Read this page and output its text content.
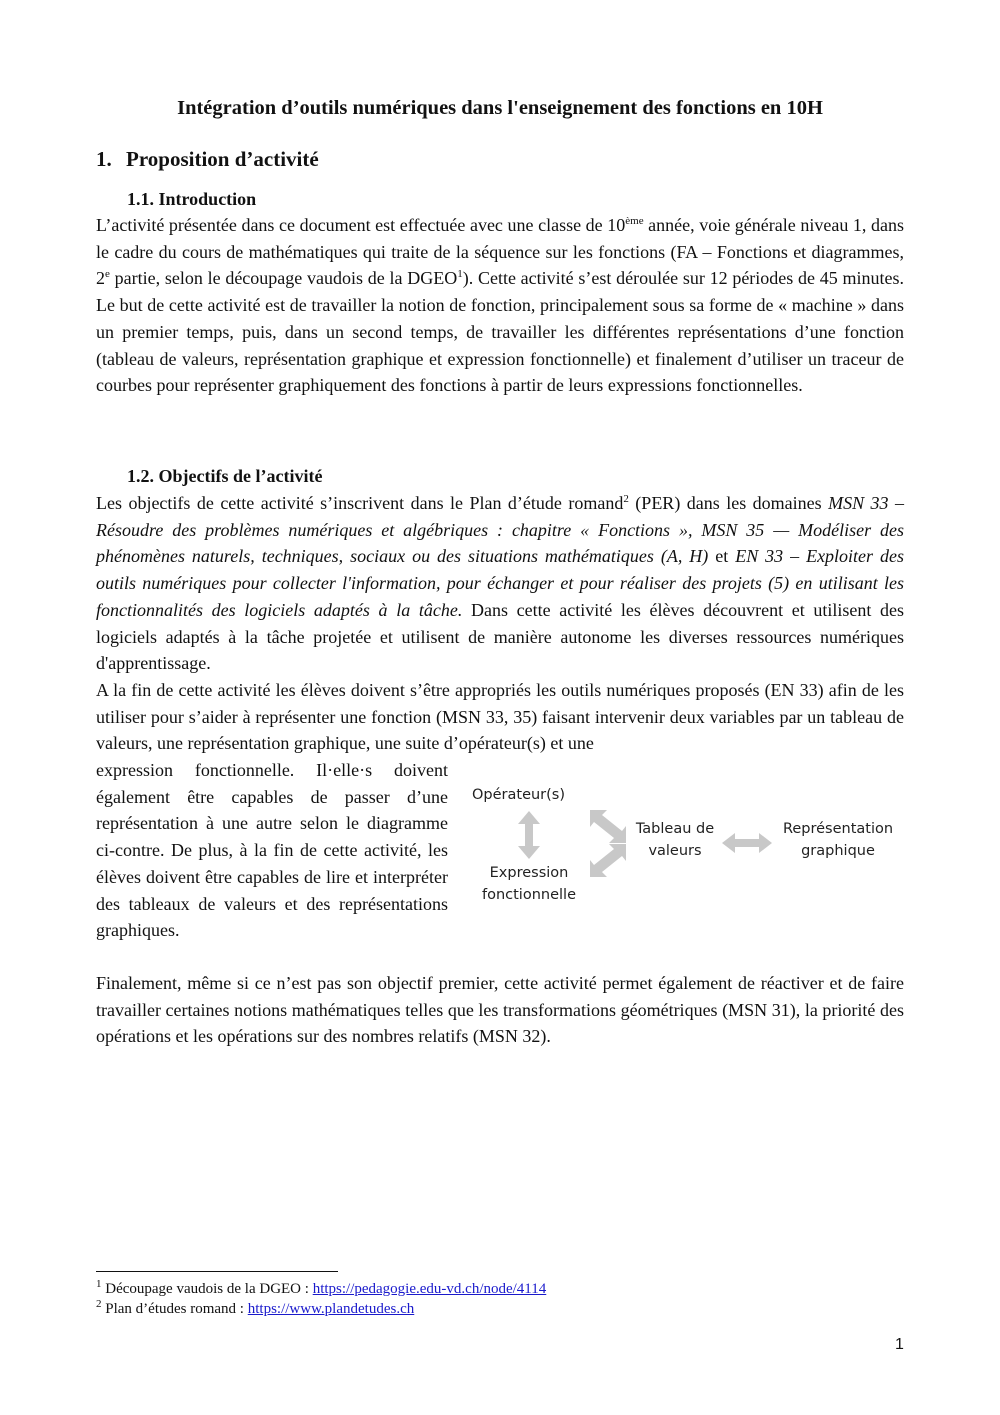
Intégration d’outils numériques dans l'enseignement des fonctions en 10H
1. Proposition d’activité
1.1. Introduction

L’activité présentée dans ce document est effectuée avec une classe de 10ème année, voie générale niveau 1, dans le cadre du cours de mathématiques qui traite de la séquence sur les fonctions (FA – Fonctions et diagrammes, 2e partie, selon le découpage vaudois de la DGEO$^1$). Cette activité s’est déroulée sur 12 périodes de 45 minutes. Le but de cette activité est de travailler la notion de fonction, principalement sous sa forme de « machine » dans un premier temps, puis, dans un second temps, de travailler les différentes représentations d’une fonction (tableau de valeurs, représentation graphique et expression fonctionnelle) et finalement d’utiliser un traceur de courbes pour représenter graphiquement des fonctions à partir de leurs expressions fonctionnelles.

1.2. Objectifs de l’activité

Les objectifs de cette activité s’inscrivent dans le Plan d’étude romand$^2$ (PER) dans les domaines MSN 33 – Résoudre des problèmes numériques et algébriques : chapitre « Fonctions », MSN 35 — Modéliser des phénomènes naturels, techniques, sociaux ou des situations mathématiques (A, H) et EN 33 – Exploiter des outils numériques pour collecter l'information, pour échanger et pour réaliser des projets (5) en utilisant les fonctionnalités des logiciels adaptés à la tâche. Dans cette activité les élèves découvrent et utilisent des logiciels adaptés à la tâche projetée et utilisent de manière autonome les diverses ressources numériques d'apprentissage.

A la fin de cette activité les élèves doivent s’être appropriés les outils numériques proposés (EN 33) afin de les utiliser pour s’aider à représenter une fonction (MSN 33, 35) faisant intervenir deux variables par un tableau de valeurs, une représentation graphique, une suite d’opérateur(s) et une

expression fonctionnelle. Il·elle·s doivent également être capables de passer d’une représentation à une autre selon le diagramme ci-contre. De plus, à la fin de cette activité, les élèves doivent être capables de lire et interpréter des tableaux de valeurs et des représentations graphiques.

Opérateur(s)
Expression
fonctionnelle
Tableau de
valeurs
Représentation
graphique

Finalement, même si ce n’est pas son objectif premier, cette activité permet également de réactiver et de faire travailler certaines notions mathématiques telles que les transformations géométriques (MSN 31), la priorité des opérations et les opérations sur des nombres relatifs (MSN 32).

$^1$ Découpage vaudois de la DGEO : https://pedagogie.edu-vd.ch/node/4114
$^2$ Plan d’études romand : https://www.plandetudes.ch
1
